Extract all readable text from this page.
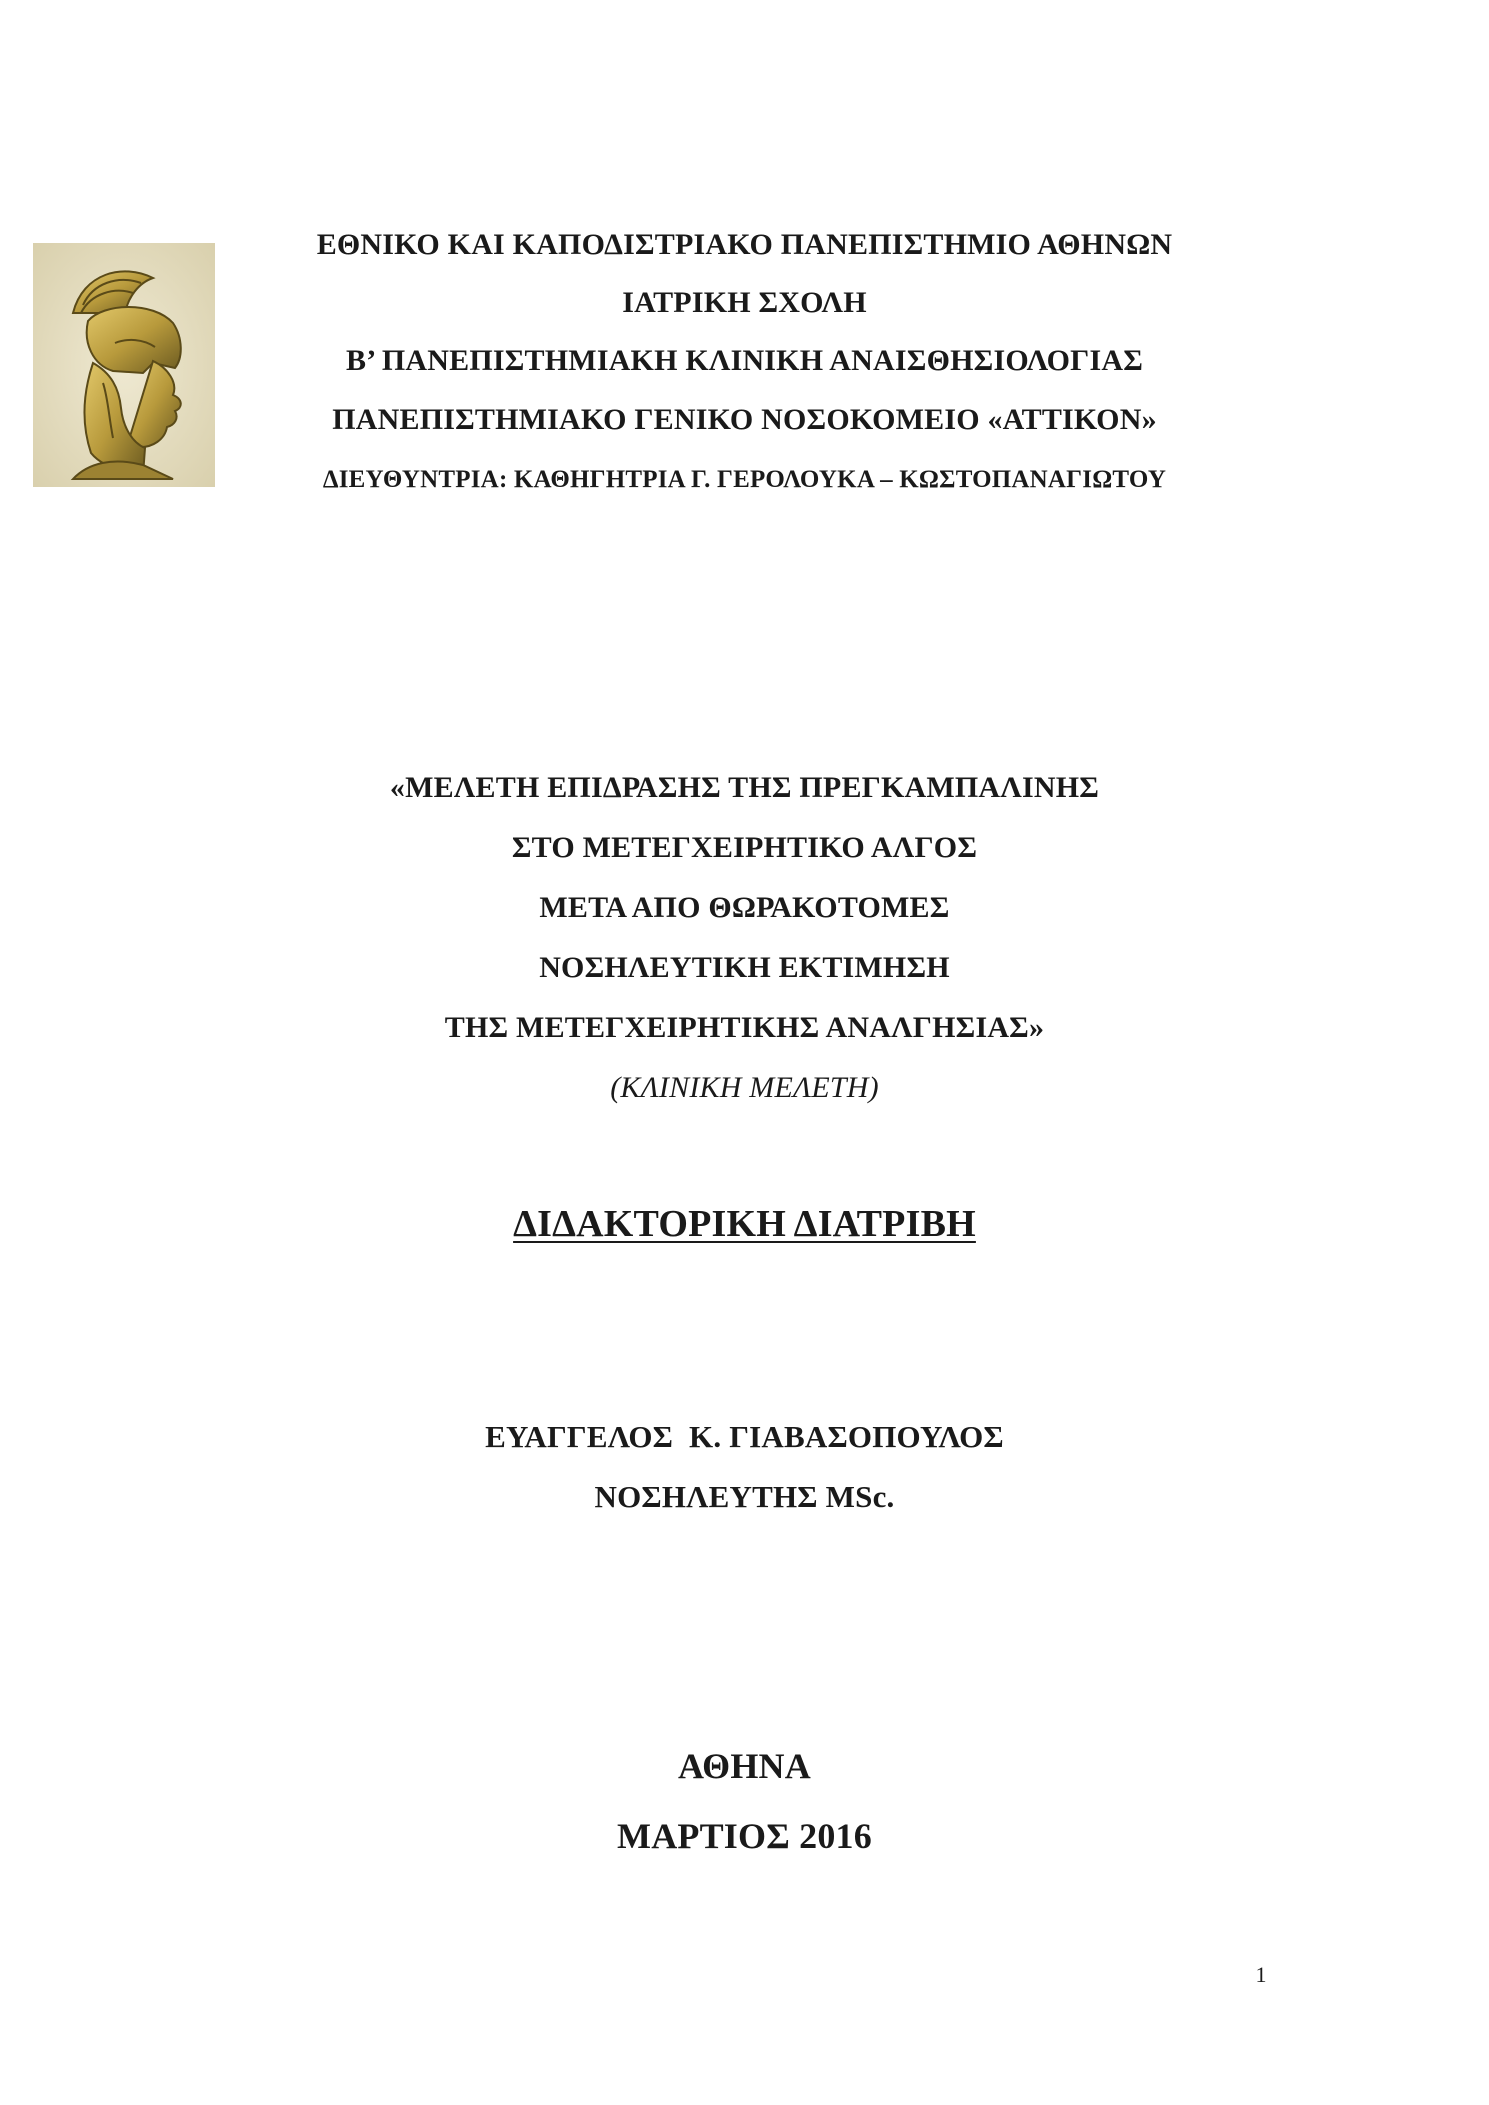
ΕΘΝΙΚΟ ΚΑΙ ΚΑΠΟΔΙΣΤΡΙΑΚΟ ΠΑΝΕΠΙΣΤΗΜΙΟ ΑΘΗΝΩΝ
ΙΑΤΡΙΚΗ ΣΧΟΛΗ
Β’ ΠΑΝΕΠΙΣΤΗΜΙΑΚΗ ΚΛΙΝΙΚΗ ΑΝΑΙΣΘΗΣΙΟΛΟΓΙΑΣ
ΠΑΝΕΠΙΣΤΗΜΙΑΚΟ ΓΕΝΙΚΟ ΝΟΣΟΚΟΜΕΙΟ «ΑΤΤΙΚΟΝ»
ΔΙΕΥΘΥΝΤΡΙΑ: ΚΑΘΗΓΗΤΡΙΑ Γ. ΓΕΡΟΛΟΥΚΑ – ΚΩΣΤΟΠΑΝΑΓΙΩΤΟΥ
«ΜΕΛΕΤΗ ΕΠΙΔΡΑΣΗΣ ΤΗΣ ΠΡΕΓΚΑΜΠΑΛΙΝΗΣ
ΣΤΟ ΜΕΤΕΓΧΕΙΡΗΤΙΚΟ ΑΛΓΟΣ
ΜΕΤΑ ΑΠΟ ΘΩΡΑΚΟΤΟΜΕΣ
ΝΟΣΗΛΕΥΤΙΚΗ ΕΚΤΙΜΗΣΗ
ΤΗΣ ΜΕΤΕΓΧΕΙΡΗΤΙΚΗΣ ΑΝΑΛΓΗΣΙΑΣ»
(ΚΛΙΝΙΚΗ ΜΕΛΕΤΗ)
ΔΙΔΑΚΤΟΡΙΚΗ ΔΙΑΤΡΙΒΗ
ΕΥΑΓΓΕΛΟΣ  Κ. ΓΙΑΒΑΣΟΠΟΥΛΟΣ
ΝΟΣΗΛΕΥΤΗΣ MSc.
ΑΘΗΝΑ
ΜΑΡΤΙΟΣ 2016
1
